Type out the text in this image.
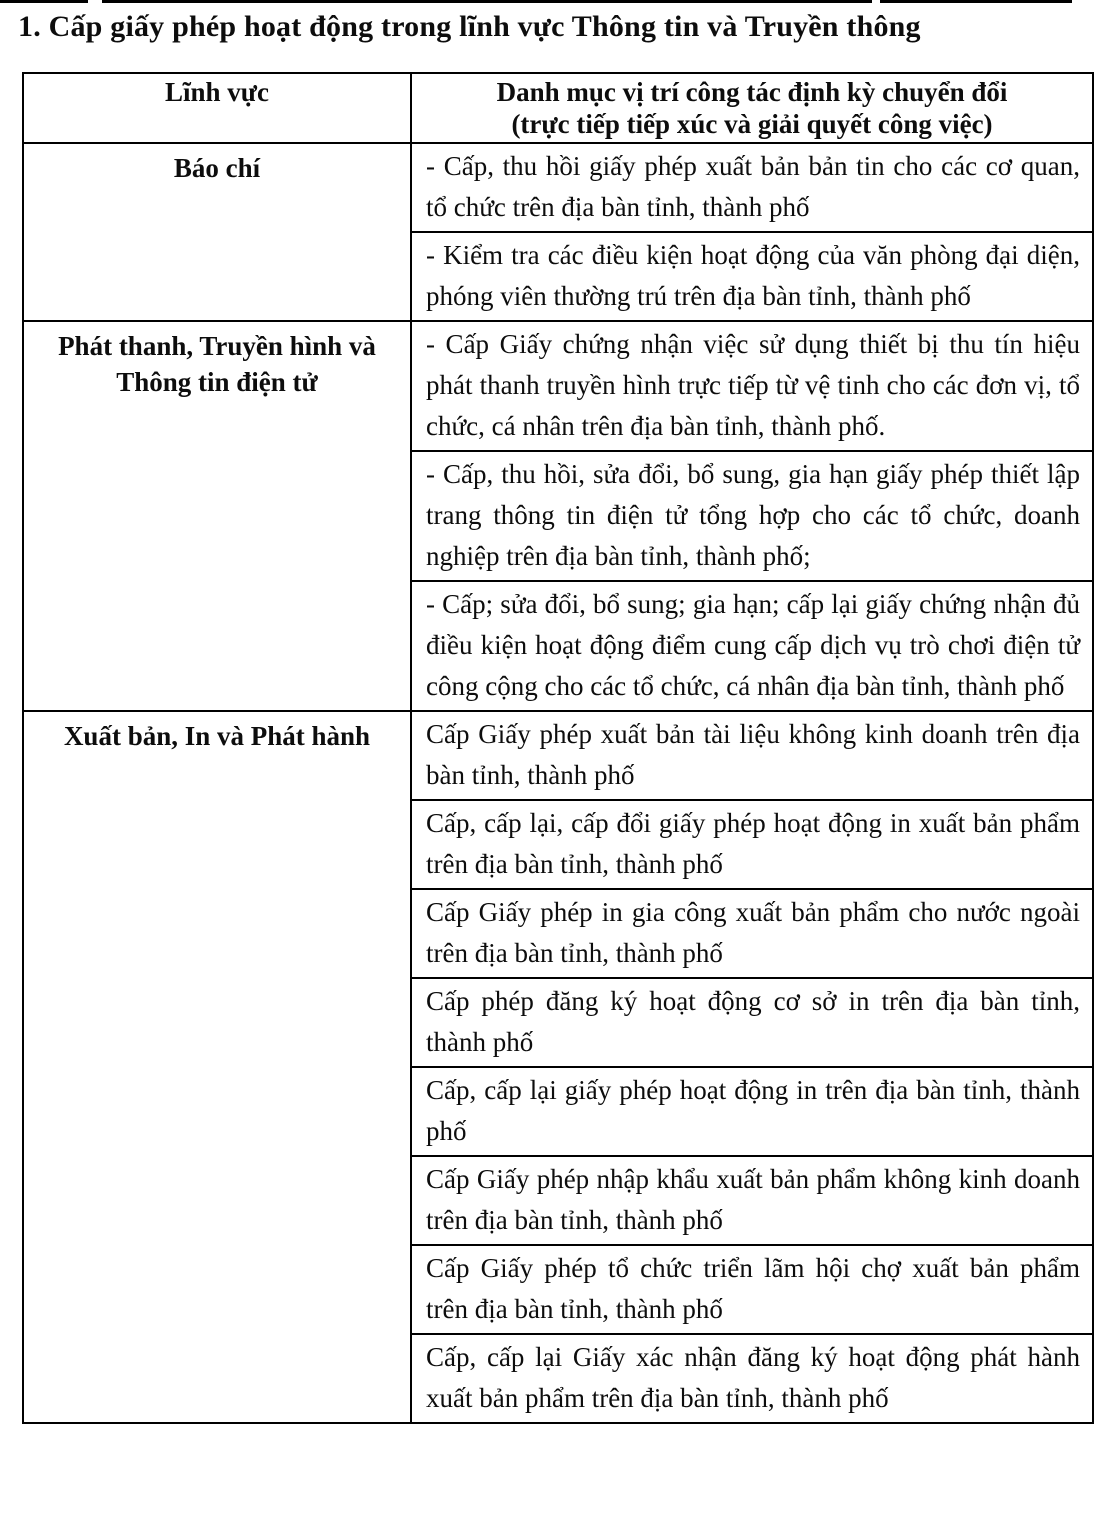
1. Cấp giấy phép hoạt động trong lĩnh vực Thông tin và Truyền thông
Lĩnh vực	Danh mục vị trí công tác định kỳ chuyển đổi
(trực tiếp tiếp xúc và giải quyết công việc)

Báo chí	- Cấp, thu hồi giấy phép xuất bản bản tin cho các cơ quan, tổ chức trên địa bàn tỉnh, thành phố
	- Kiểm tra các điều kiện hoạt động của văn phòng đại diện, phóng viên thường trú trên địa bàn tỉnh, thành phố
Phát thanh, Truyền hình và Thông tin điện tử	- Cấp Giấy chứng nhận việc sử dụng thiết bị thu tín hiệu phát thanh truyền hình trực tiếp từ vệ tinh cho các đơn vị, tổ chức, cá nhân trên địa bàn tỉnh, thành phố.
	- Cấp, thu hồi, sửa đổi, bổ sung, gia hạn giấy phép thiết lập trang thông tin điện tử tổng hợp cho các tổ chức, doanh nghiệp trên địa bàn tỉnh, thành phố;
	- Cấp; sửa đổi, bổ sung; gia hạn; cấp lại giấy chứng nhận đủ điều kiện hoạt động điểm cung cấp dịch vụ trò chơi điện tử công cộng cho các tổ chức, cá nhân địa bàn tỉnh, thành phố
Xuất bản, In và Phát hành	Cấp Giấy phép xuất bản tài liệu không kinh doanh trên địa bàn tỉnh, thành phố
	Cấp, cấp lại, cấp đổi giấy phép hoạt động in xuất bản phẩm trên địa bàn tỉnh, thành phố
	Cấp Giấy phép in gia công xuất bản phẩm cho nước ngoài trên địa bàn tỉnh, thành phố
	Cấp phép đăng ký hoạt động cơ sở in trên địa bàn tỉnh, thành phố
	Cấp, cấp lại giấy phép hoạt động in trên địa bàn tỉnh, thành phố
	Cấp Giấy phép nhập khẩu xuất bản phẩm không kinh doanh trên địa bàn tỉnh, thành phố
	Cấp Giấy phép tổ chức triển lãm hội chợ xuất bản phẩm trên địa bàn tỉnh, thành phố
	Cấp, cấp lại Giấy xác nhận đăng ký hoạt động phát hành xuất bản phẩm trên địa bàn tỉnh, thành phố
